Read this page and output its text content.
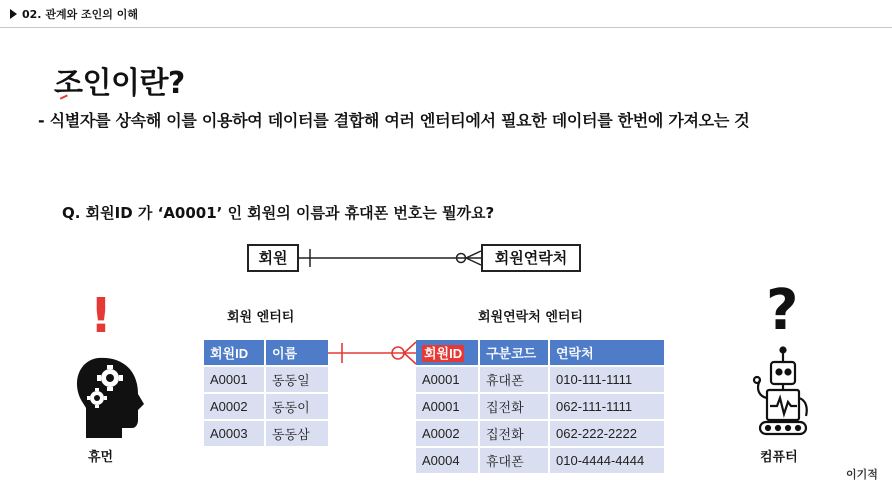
02. 관계와 조인의 이해
조인이란?
- 식별자를 상속해 이를 이용하여 데이터를 결합해 여러 엔터티에서 필요한 데이터를 한번에 가져오는 것
Q. 회원ID 가 ‘A0001’ 인 회원의 이름과 휴대폰 번호는 뭘까요?
회원	회원연락처
회원 엔터티	회원연락처 엔터티
회원ID	이름
A0001	동동일
A0002	동동이
A0003	동동삼
회원ID	구분코드	연락처
A0001	휴대폰	010-111-1111
A0001	집전화	062-111-1111
A0002	집전화	062-222-2222
A0004	휴대폰	010-4444-4444
!	?
휴먼	컴퓨터
이기적
